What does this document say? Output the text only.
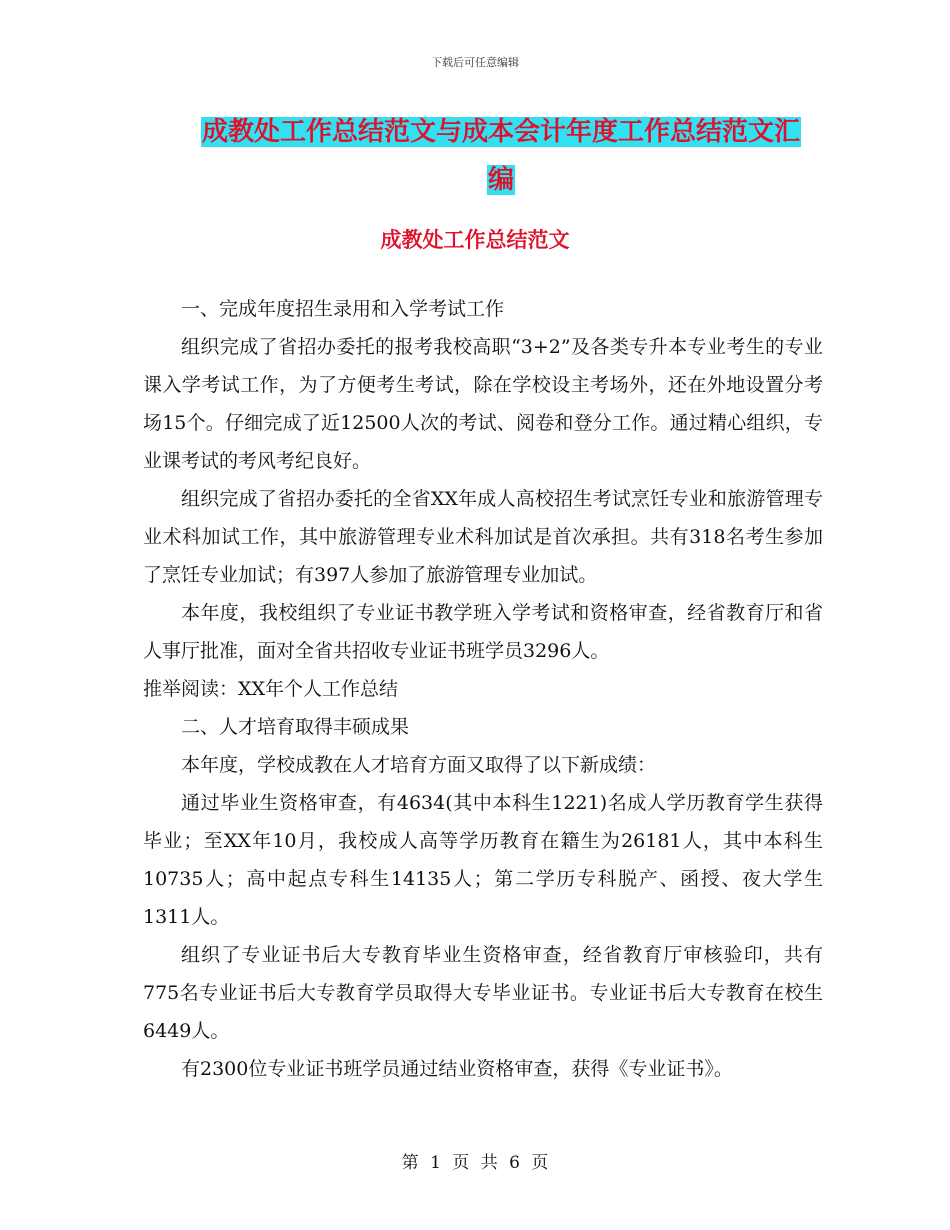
下载后可任意编辑
成教处工作总结范文与成本会计年度工作总结范文汇
编
成教处工作总结范文

一、完成年度招生录用和入学考试工作

组织完成了省招办委托的报考我校高职“3+2”及各类专升本专业考生的专业课入学考试工作，为了方便考生考试，除在学校设主考场外，还在外地设置分考场15个。仔细完成了近12500人次的考试、阅卷和登分工作。通过精心组织，专业课考试的考风考纪良好。

组织完成了省招办委托的全省XX年成人高校招生考试烹饪专业和旅游管理专业术科加试工作，其中旅游管理专业术科加试是首次承担。共有318名考生参加了烹饪专业加试；有397人参加了旅游管理专业加试。

本年度，我校组织了专业证书教学班入学考试和资格审查，经省教育厅和省人事厅批准，面对全省共招收专业证书班学员3296人。

推举阅读：XX年个人工作总结

二、人才培育取得丰硕成果

本年度，学校成教在人才培育方面又取得了以下新成绩：

通过毕业生资格审查，有4634(其中本科生1221)名成人学历教育学生获得毕业；至XX年10月，我校成人高等学历教育在籍生为26181人，其中本科生10735人；高中起点专科生14135人；第二学历专科脱产、函授、夜大学生1311人。

组织了专业证书后大专教育毕业生资格审查，经省教育厅审核验印，共有775名专业证书后大专教育学员取得大专毕业证书。专业证书后大专教育在校生6449人。

有2300位专业证书班学员通过结业资格审查，获得《专业证书》。

第 1 页 共 6 页
